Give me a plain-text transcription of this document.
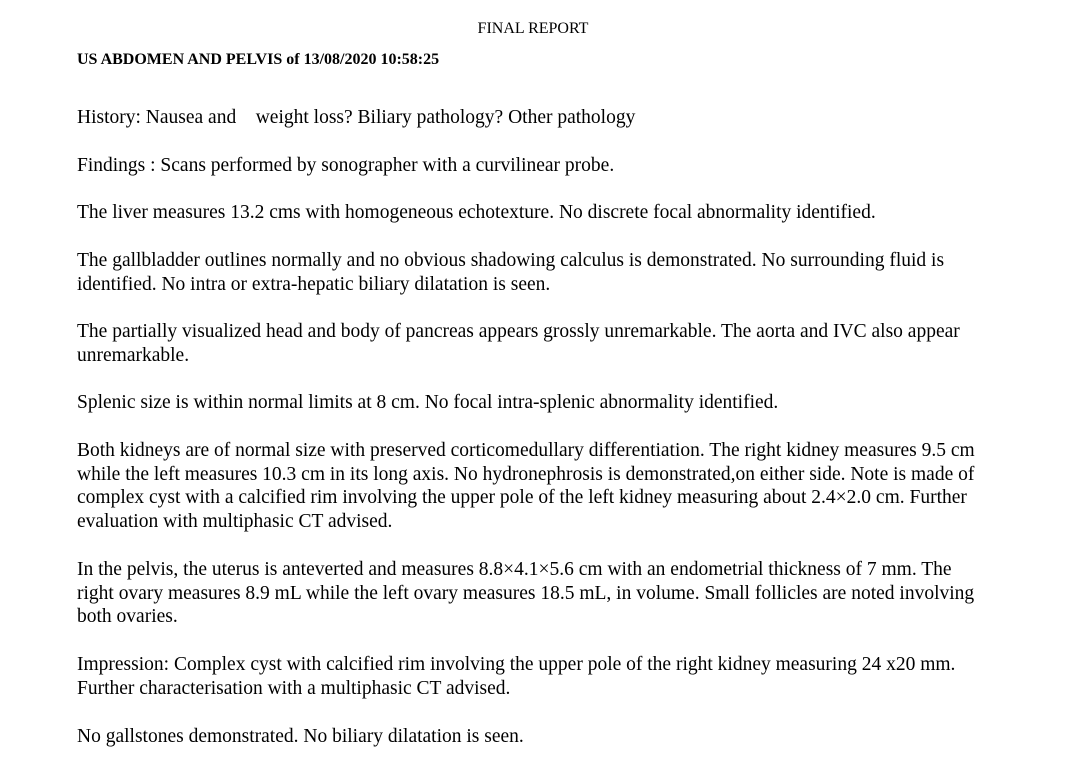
FINAL REPORT
US ABDOMEN AND PELVIS of 13/08/2020 10:58:25

History: Nausea and    weight loss? Biliary pathology? Other pathology

Findings : Scans performed by sonographer with a curvilinear probe.

The liver measures 13.2 cms with homogeneous echotexture. No discrete focal abnormality identified.

The gallbladder outlines normally and no obvious shadowing calculus is demonstrated. No surrounding fluid is identified. No intra or extra-hepatic biliary dilatation is seen.

The partially visualized head and body of pancreas appears grossly unremarkable. The aorta and IVC also appear unremarkable.

Splenic size is within normal limits at 8 cm. No focal intra-splenic abnormality identified.

Both kidneys are of normal size with preserved corticomedullary differentiation. The right kidney measures 9.5 cm while the left measures 10.3 cm in its long axis. No hydronephrosis is demonstrated,on either side. Note is made of complex cyst with a calcified rim involving the upper pole of the left kidney measuring about 2.4×2.0 cm. Further evaluation with multiphasic CT advised.

In the pelvis, the uterus is anteverted and measures 8.8×4.1×5.6 cm with an endometrial thickness of 7 mm. The right ovary measures 8.9 mL while the left ovary measures 18.5 mL, in volume. Small follicles are noted involving both ovaries.

Impression: Complex cyst with calcified rim involving the upper pole of the right kidney measuring 24 x20 mm. Further characterisation with a multiphasic CT advised.

No gallstones demonstrated. No biliary dilatation is seen.
